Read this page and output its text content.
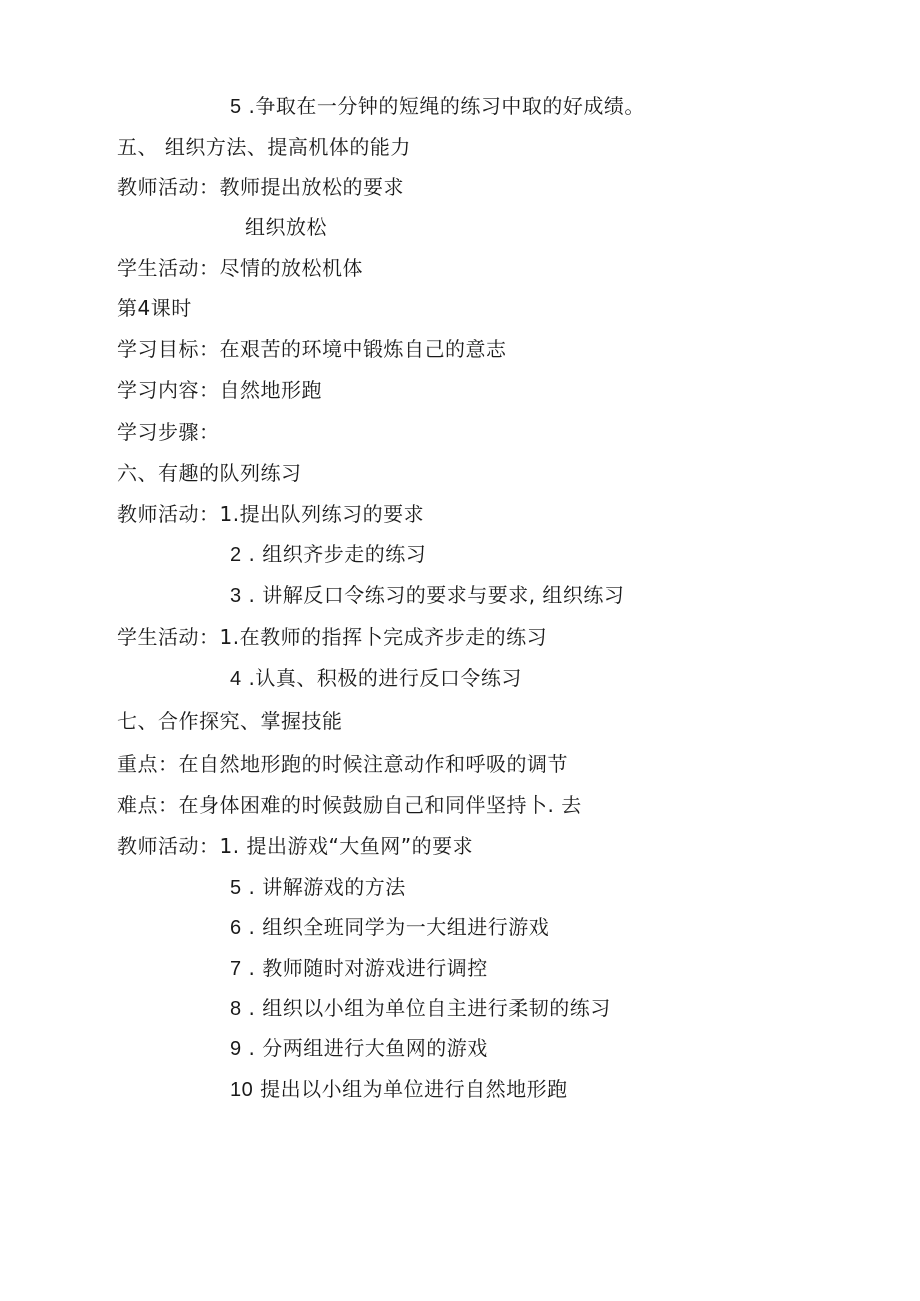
5 .争取在一分钟的短绳的练习中取的好成绩。
五、 组织方法、提高机体的能力
教师活动：教师提出放松的要求
组织放松
学生活动：尽情的放松机体
第4课时
学习目标：在艰苦的环境中锻炼自己的意志
学习内容：自然地形跑
学习步骤：
六、有趣的队列练习
教师活动：1.提出队列练习的要求
2 . 组织齐步走的练习
3 . 讲解反口令练习的要求与要求, 组织练习
学生活动：1.在教师的指挥卜完成齐步走的练习
4 .认真、积极的进行反口令练习
七、合作探究、掌握技能
重点：在自然地形跑的时候注意动作和呼吸的调节
难点：在身体困难的时候鼓励自己和同伴坚持卜. 去
教师活动：1. 提出游戏“大鱼网”的要求
5 . 讲解游戏的方法
6 . 组织全班同学为一大组进行游戏
7 . 教师随时对游戏进行调控
8 . 组织以小组为单位自主进行柔韧的练习
9 . 分两组进行大鱼网的游戏
10 提出以小组为单位进行自然地形跑
